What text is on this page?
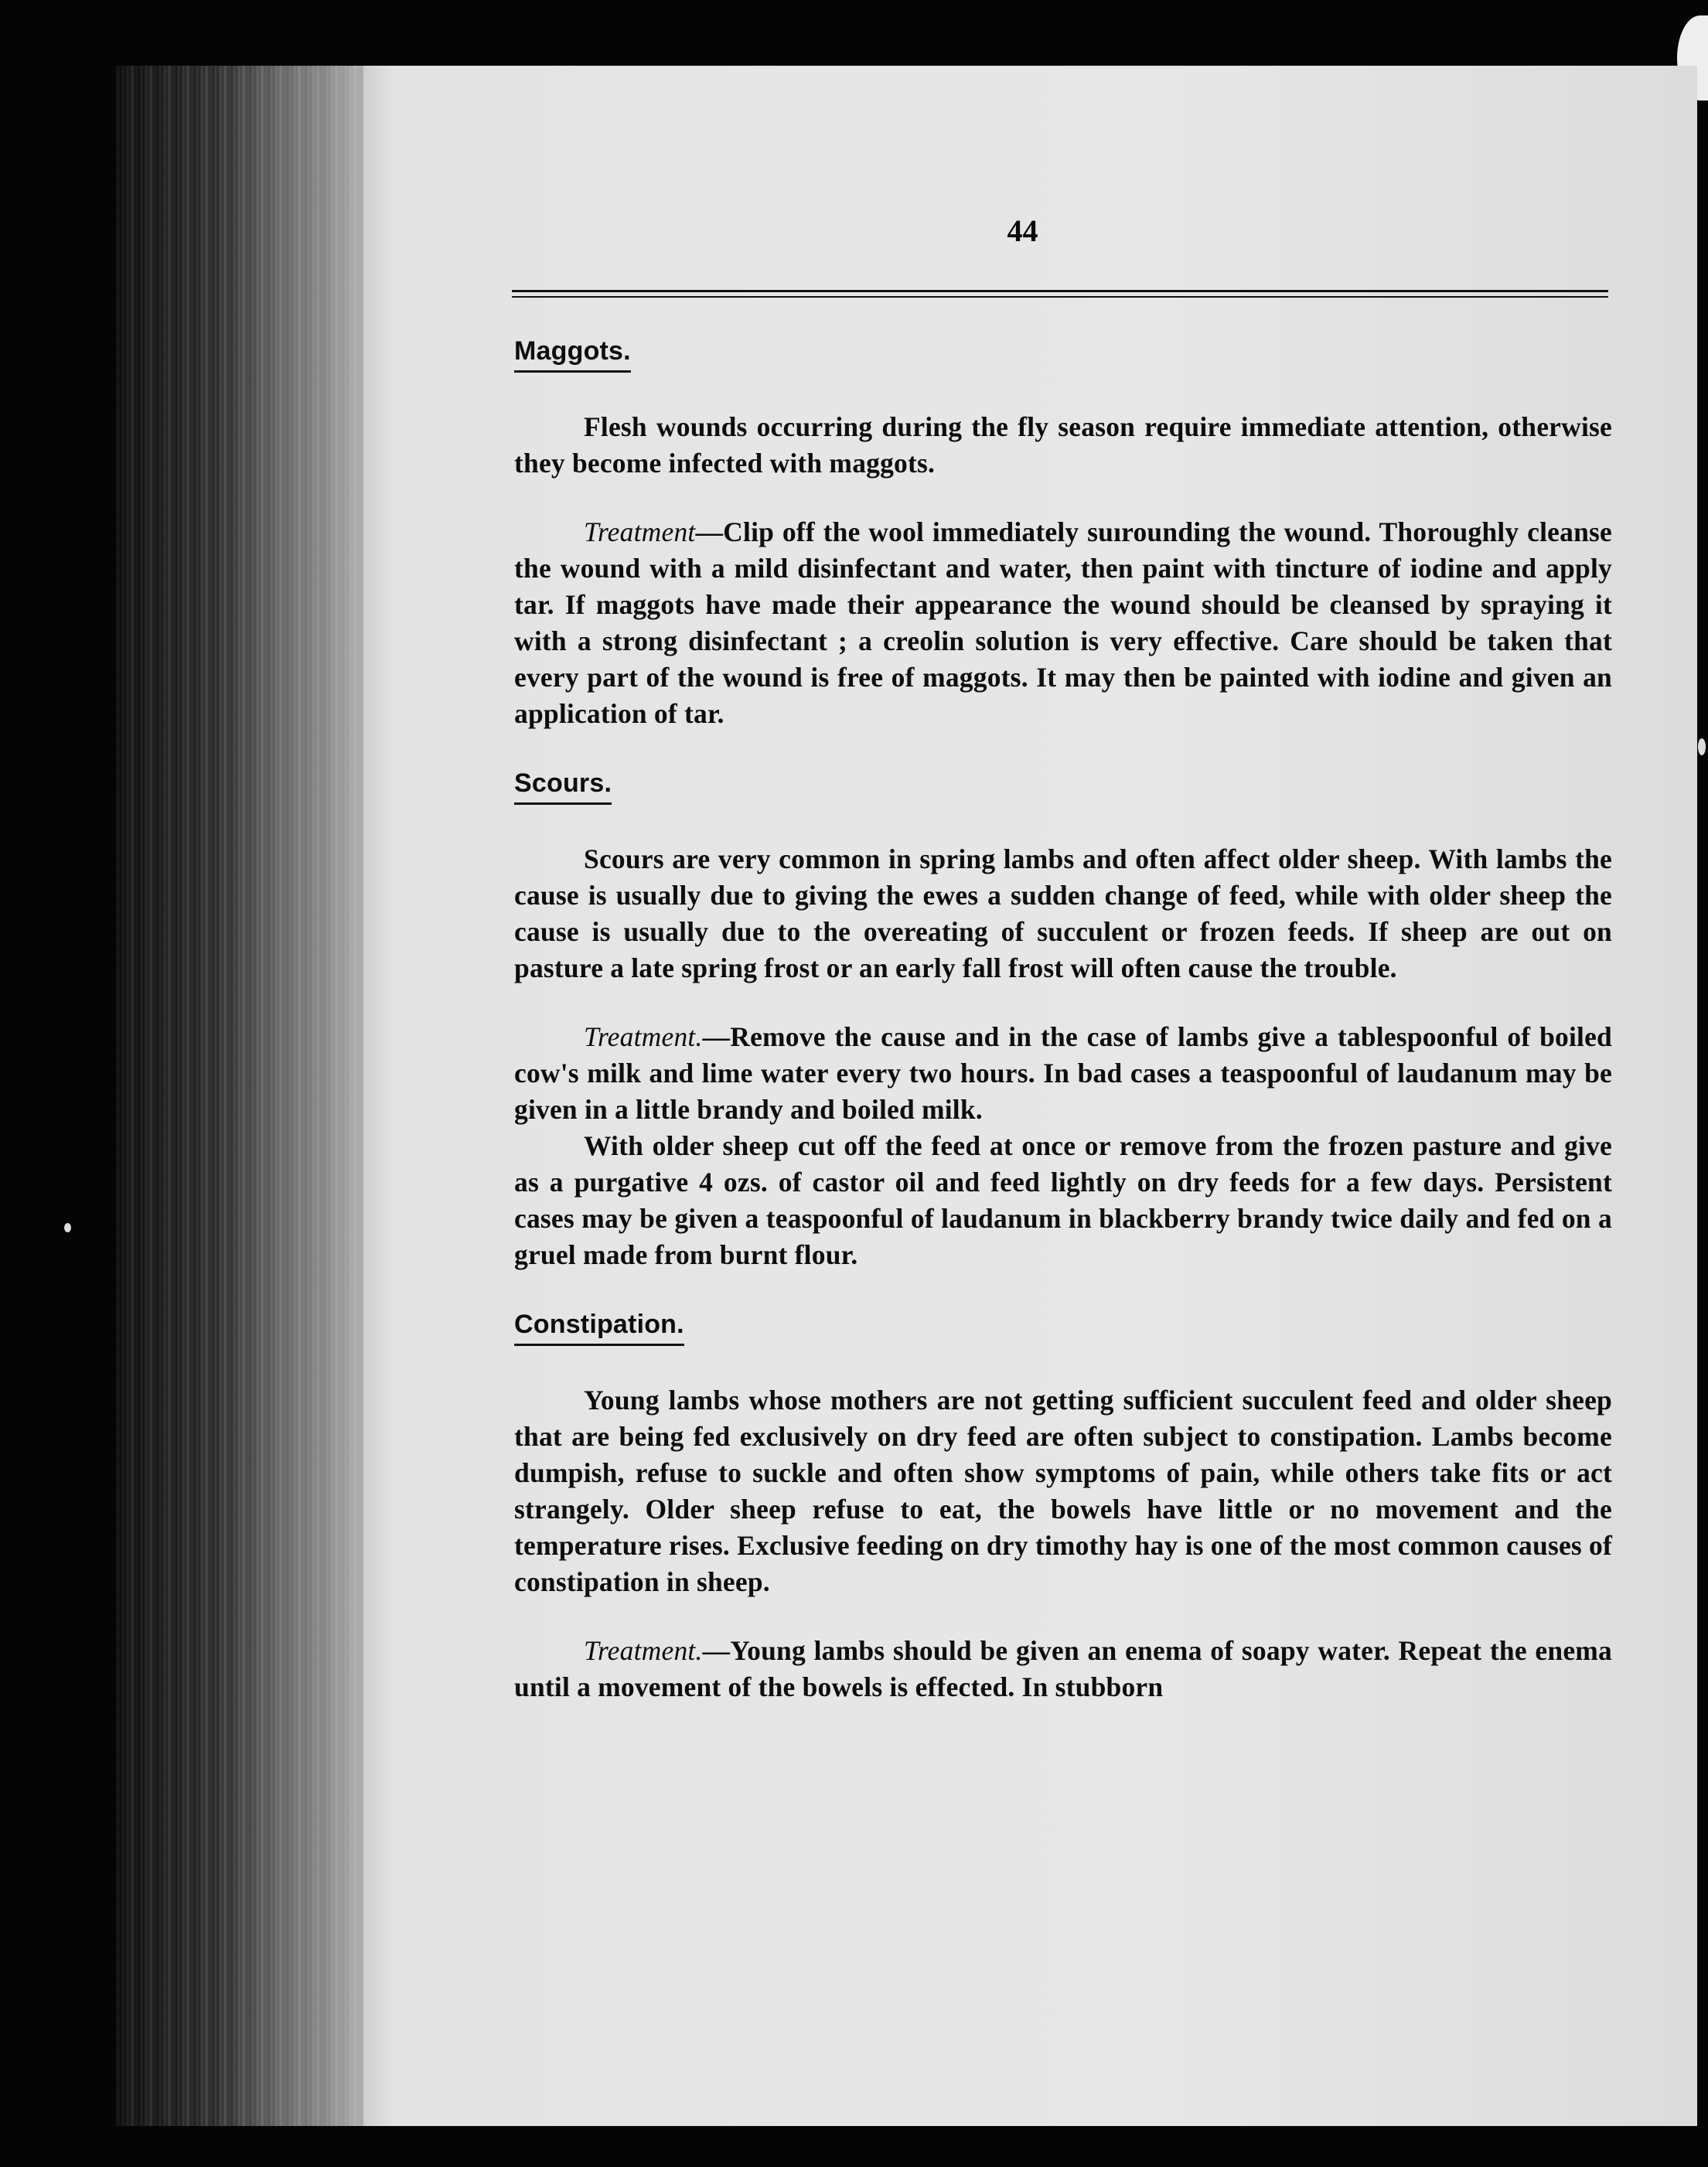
44
Maggots.

Flesh wounds occurring during the fly season require immediate attention, otherwise they become infected with maggots.

Treatment—Clip off the wool immediately suırounding the wound. Thoroughly cleanse the wound with a mild disinfectant and water, then paint with tincture of iodine and apply tar. If maggots have made their appearance the wound should be cleansed by spraying it with a strong disinfectant ; a creolin solution is very effective. Care should be taken that every part of the wound is free of maggots. It may then be painted with iodine and given an application of tar.

Scours.

Scours are very common in spring lambs and often affect older sheep. With lambs the cause is usually due to giving the ewes a sudden change of feed, while with older sheep the cause is usually due to the overeating of succulent or frozen feeds. If sheep are out on pasture a late spring frost or an early fall frost will often cause the trouble.

Treatment.—Remove the cause and in the case of lambs give a tablespoonful of boiled cow's milk and lime water every two hours. In bad cases a teaspoonful of laudanum may be given in a little brandy and boiled milk.

With older sheep cut off the feed at once or remove from the frozen pasture and give as a purgative 4 ozs. of castor oil and feed lightly on dry feeds for a few days. Persistent cases may be given a teaspoonful of laudanum in blackberry brandy twice daily and fed on a gruel made from burnt flour.

Constipation.

Young lambs whose mothers are not getting sufficient succulent feed and older sheep that are being fed exclusively on dry feed are often subject to constipation. Lambs become dumpish, refuse to suckle and often show symptoms of pain, while others take fits or act strangely. Older sheep refuse to eat, the bowels have little or no movement and the temperature rises. Exclusive feeding on dry timothy hay is one of the most common causes of constipation in sheep.

Treatment.—Young lambs should be given an enema of soapy water. Repeat the enema until a movement of the bowels is effected. In stubborn
